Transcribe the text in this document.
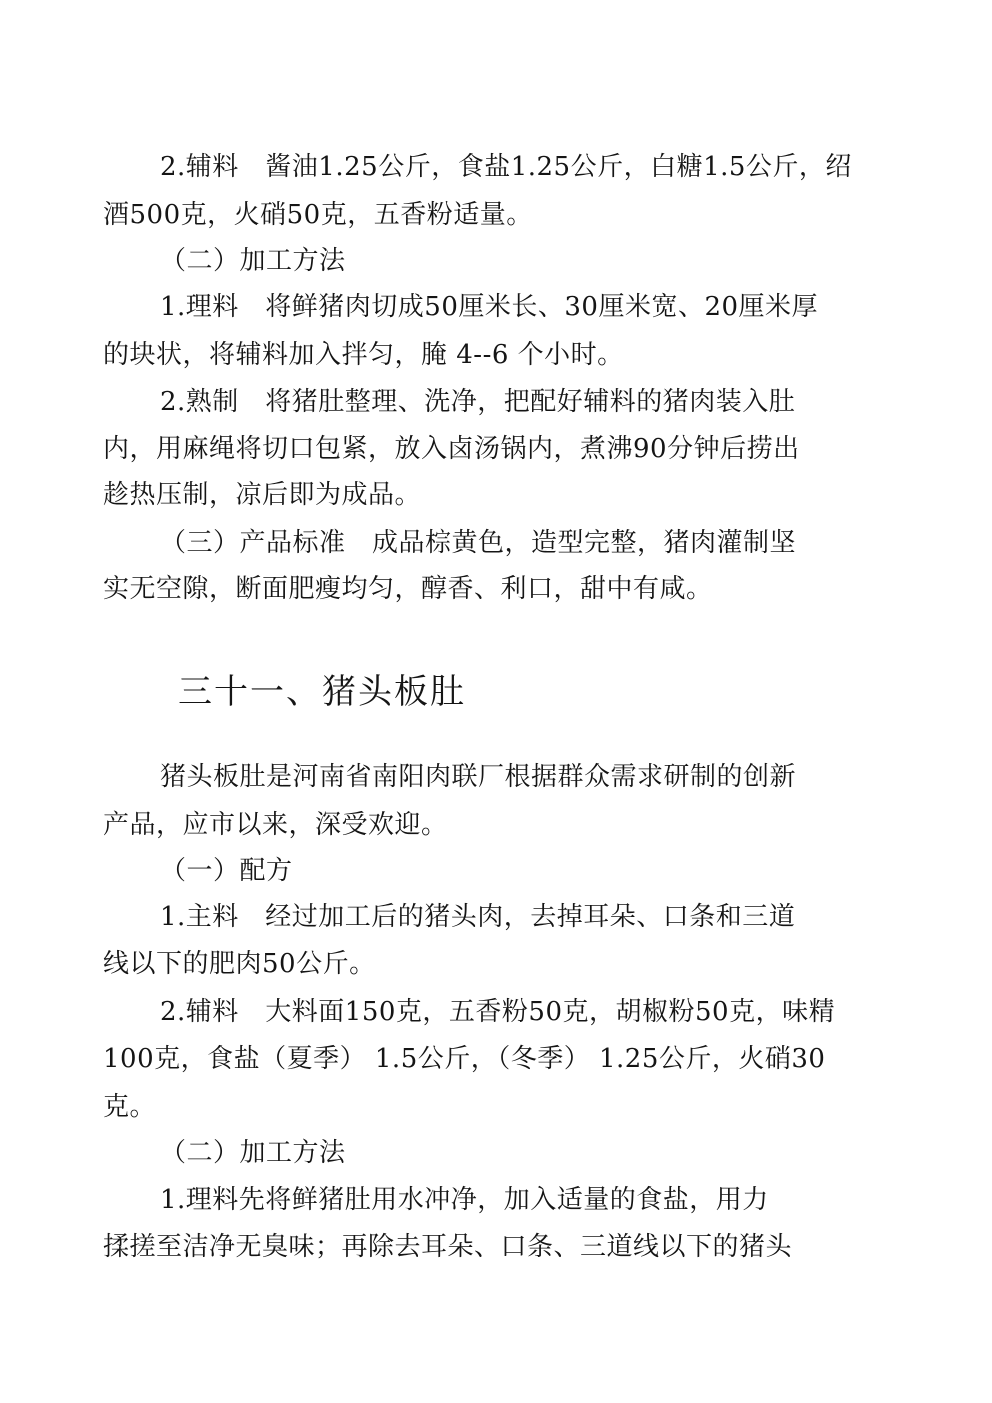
2.辅料　酱油1.25公斤，食盐1.25公斤，白糖1.5公斤，绍
酒500克，火硝50克，五香粉适量。
（二）加工方法
1.理料　将鲜猪肉切成50厘米长、30厘米宽、20厘米厚
的块状，将辅料加入拌匀，腌 4--6 个小时。
2.熟制　将猪肚整理、洗净，把配好辅料的猪肉装入肚
内，用麻绳将切口包紧，放入卤汤锅内，煮沸90分钟后捞出
趁热压制，凉后即为成品。
（三）产品标准　成品棕黄色，造型完整，猪肉灌制坚
实无空隙，断面肥瘦均匀，醇香、利口，甜中有咸。
三十一、猪头板肚
猪头板肚是河南省南阳肉联厂根据群众需求研制的创新
产品，应市以来，深受欢迎。
（一）配方
1.主料　经过加工后的猪头肉，去掉耳朵、口条和三道
线以下的肥肉50公斤。
2.辅料　大料面150克，五香粉50克，胡椒粉50克，味精
100克，食盐（夏季） 1.5公斤，（冬季） 1.25公斤，火硝30
克。
（二）加工方法
1.理料先将鲜猪肚用水冲净，加入适量的食盐，用力
揉搓至洁净无臭味；再除去耳朵、口条、三道线以下的猪头
